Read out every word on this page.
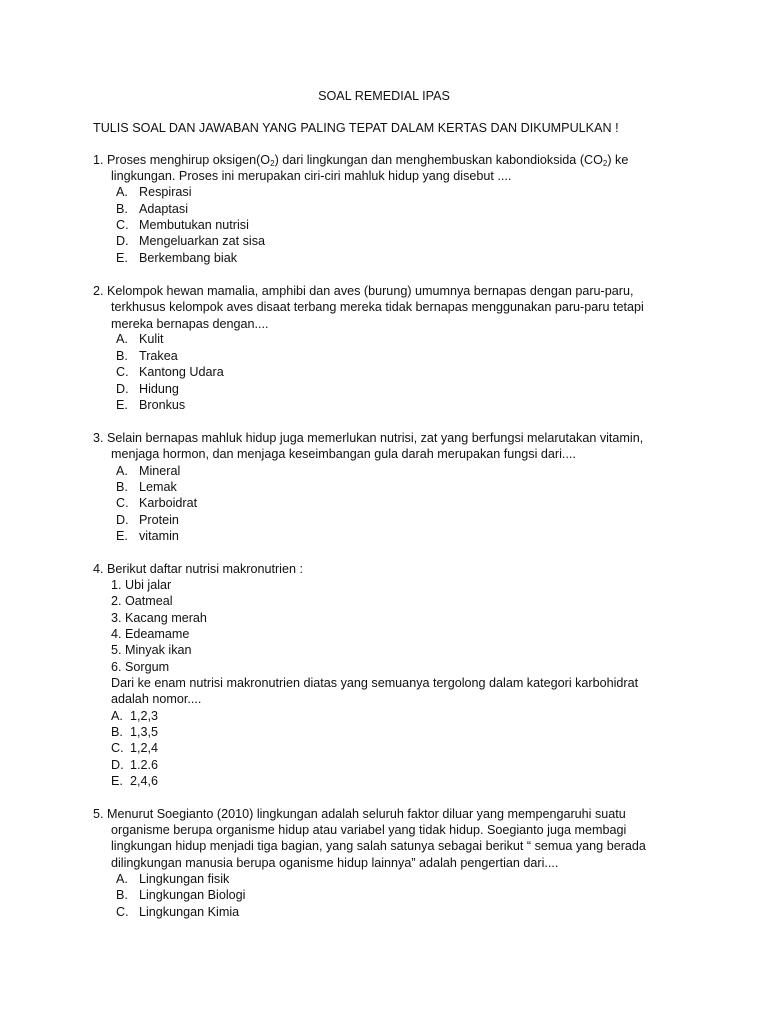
SOAL REMEDIAL IPAS
TULIS SOAL DAN JAWABAN YANG PALING TEPAT DALAM KERTAS DAN DIKUMPULKAN !
1. Proses menghirup $oksigen(O_2)$ dari lingkungan dan menghembuskan kabondioksida $(CO_2)$ ke
lingkungan. Proses ini merupakan ciri-ciri mahluk hidup yang disebut ....
A. Respirasi
B. Adaptasi
C. Membutukan nutrisi
D. Mengeluarkan zat sisa
E. Berkembang biak
2. Kelompok hewan mamalia, amphibi dan aves (burung) umumnya bernapas dengan paru-paru,
terkhusus kelompok aves disaat terbang mereka tidak bernapas menggunakan paru-paru tetapi
mereka bernapas dengan....
A. Kulit
B. Trakea
C. Kantong Udara
D. Hidung
E. Bronkus
3. Selain bernapas mahluk hidup juga memerlukan nutrisi, zat yang berfungsi melarutakan vitamin,
menjaga hormon, dan menjaga keseimbangan gula darah merupakan fungsi dari....
A. Mineral
B. Lemak
C. Karboidrat
D. Protein
E. vitamin
4. Berikut daftar nutrisi makronutrien :
1. Ubi jalar
2. Oatmeal
3. Kacang merah
4. Edeamame
5. Minyak ikan
6. Sorgum
Dari ke enam nutrisi makronutrien diatas yang semuanya tergolong dalam kategori karbohidrat
adalah nomor....
A. 1,2,3
B. 1,3,5
C. 1,2,4
D. 1.2.6
E. 2,4,6
5. Menurut Soegianto (2010) lingkungan adalah seluruh faktor diluar yang mempengaruhi suatu
organisme berupa organisme hidup atau variabel yang tidak hidup. Soegianto juga membagi
lingkungan hidup menjadi tiga bagian, yang salah satunya sebagai berikut “ semua yang berada
dilingkungan manusia berupa oganisme hidup lainnya” adalah pengertian dari....
A. Lingkungan fisik
B. Lingkungan Biologi
C. Lingkungan Kimia
